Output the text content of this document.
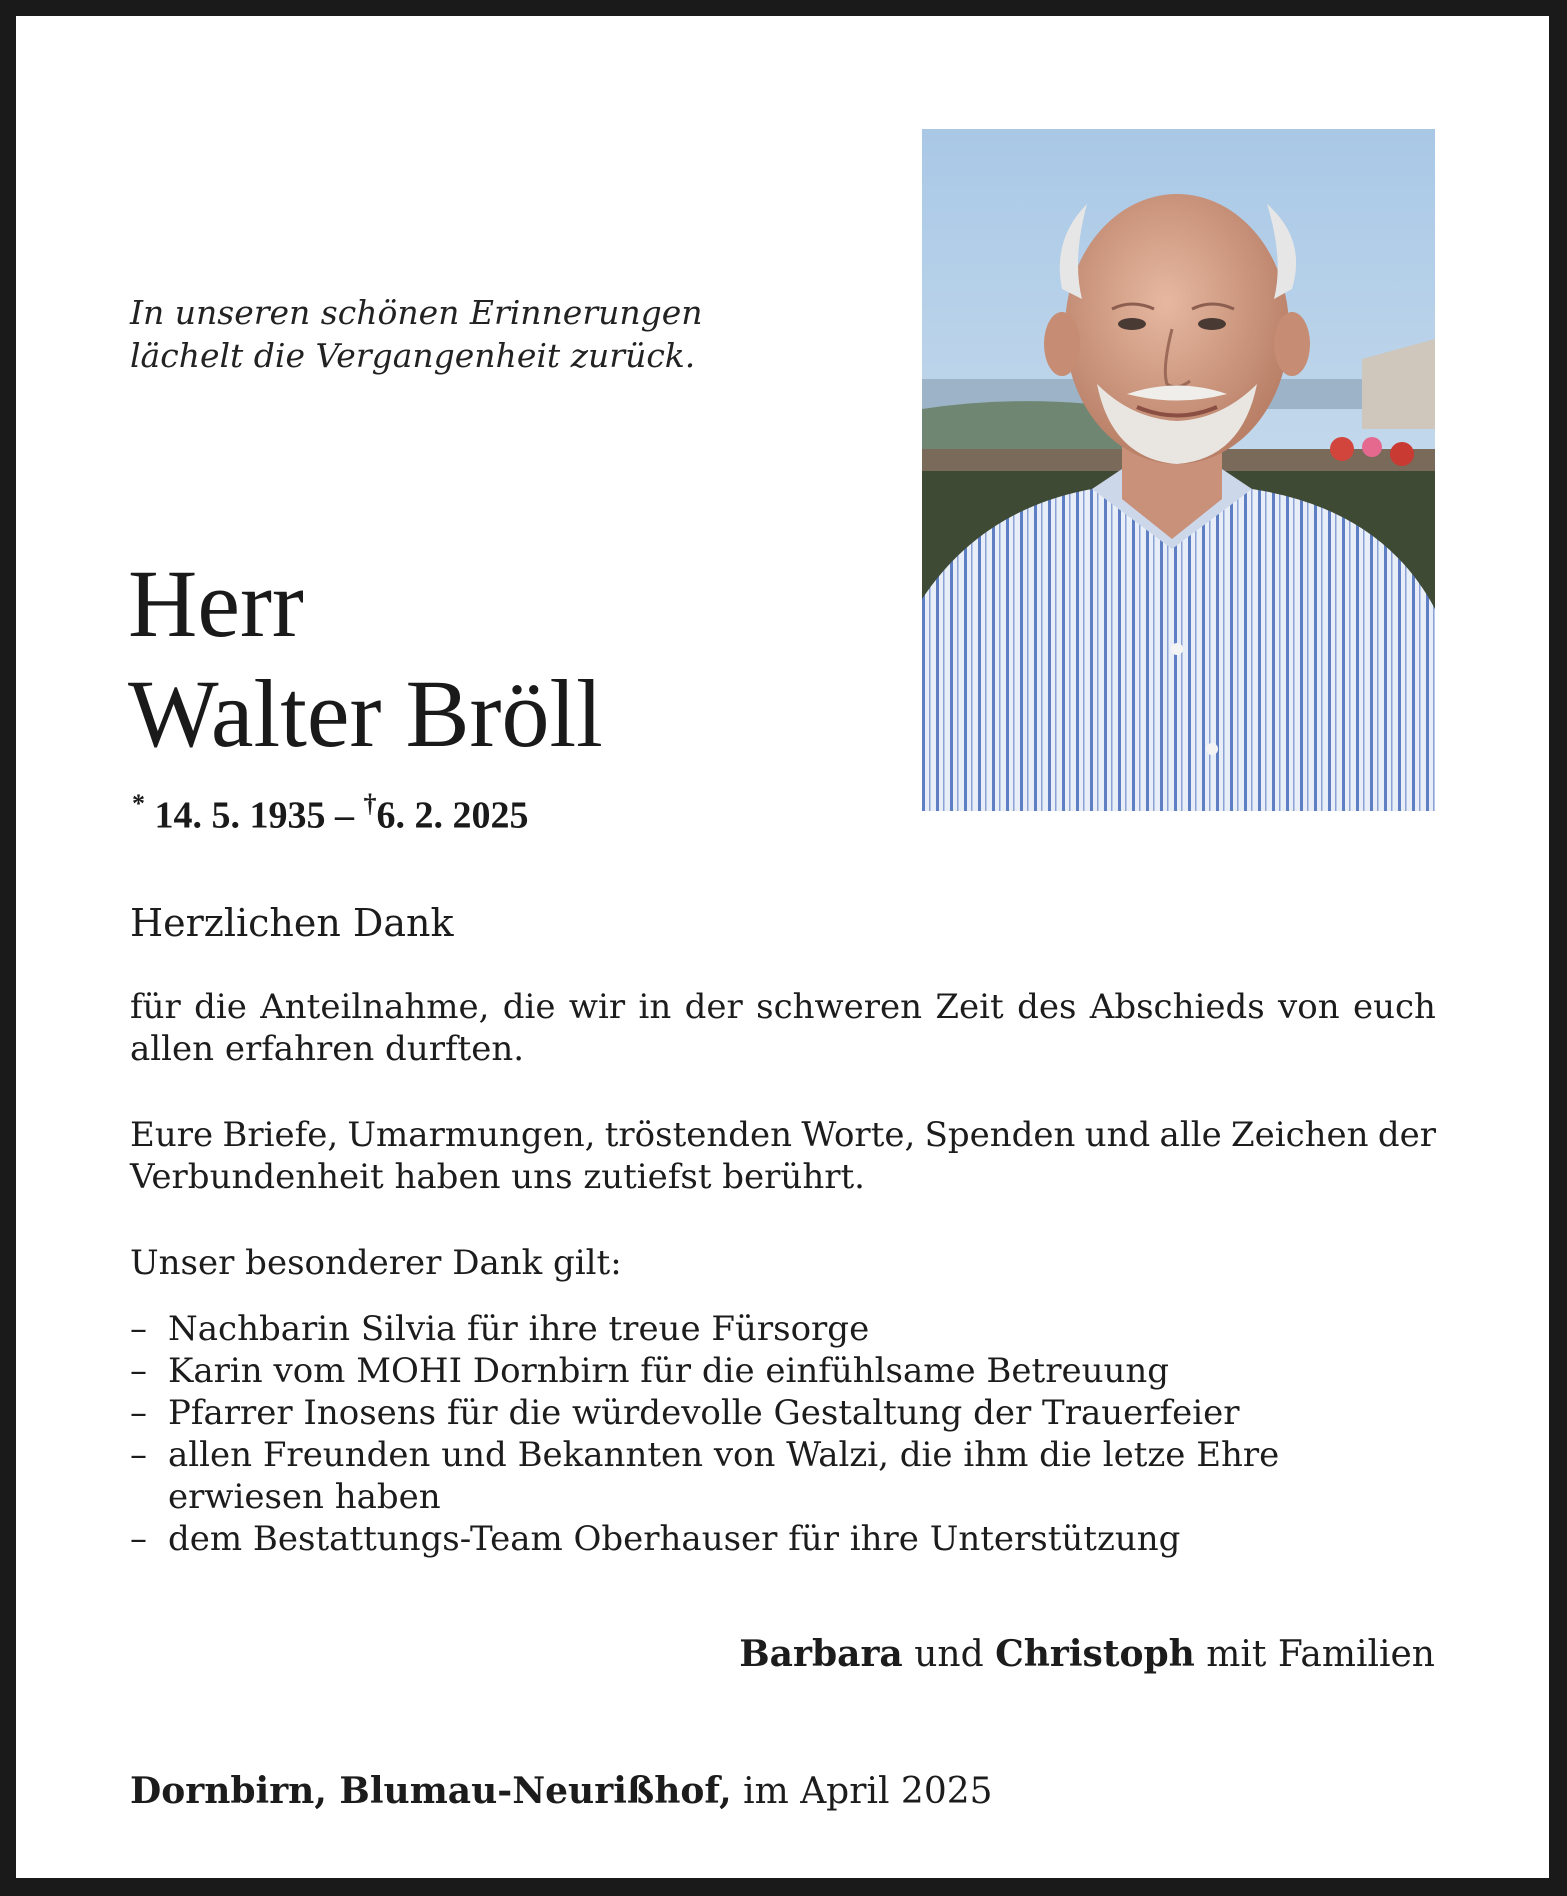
In unseren schönen Erinnerungen
lächelt die Vergangenheit zurück.
Herr
Walter Bröll
* 14. 5. 1935 – †6. 2. 2025
Herzlichen Dank
für die Anteilnahme, die wir in der schweren Zeit des Abschieds von euch
allen erfahren durften.
Eure Briefe, Umarmungen, tröstenden Worte, Spenden und alle Zeichen der
Verbundenheit haben uns zutiefst berührt.
Unser besonderer Dank gilt:
– Nachbarin Silvia für ihre treue Fürsorge
– Karin vom MOHI Dornbirn für die einfühlsame Betreuung
– Pfarrer Inosens für die würdevolle Gestaltung der Trauerfeier
– allen Freunden und Bekannten von Walzi, die ihm die letze Ehre erwiesen haben
– dem Bestattungs-Team Oberhauser für ihre Unterstützung
Barbara und Christoph mit Familien
Dornbirn, Blumau-Neurißhof, im April 2025
